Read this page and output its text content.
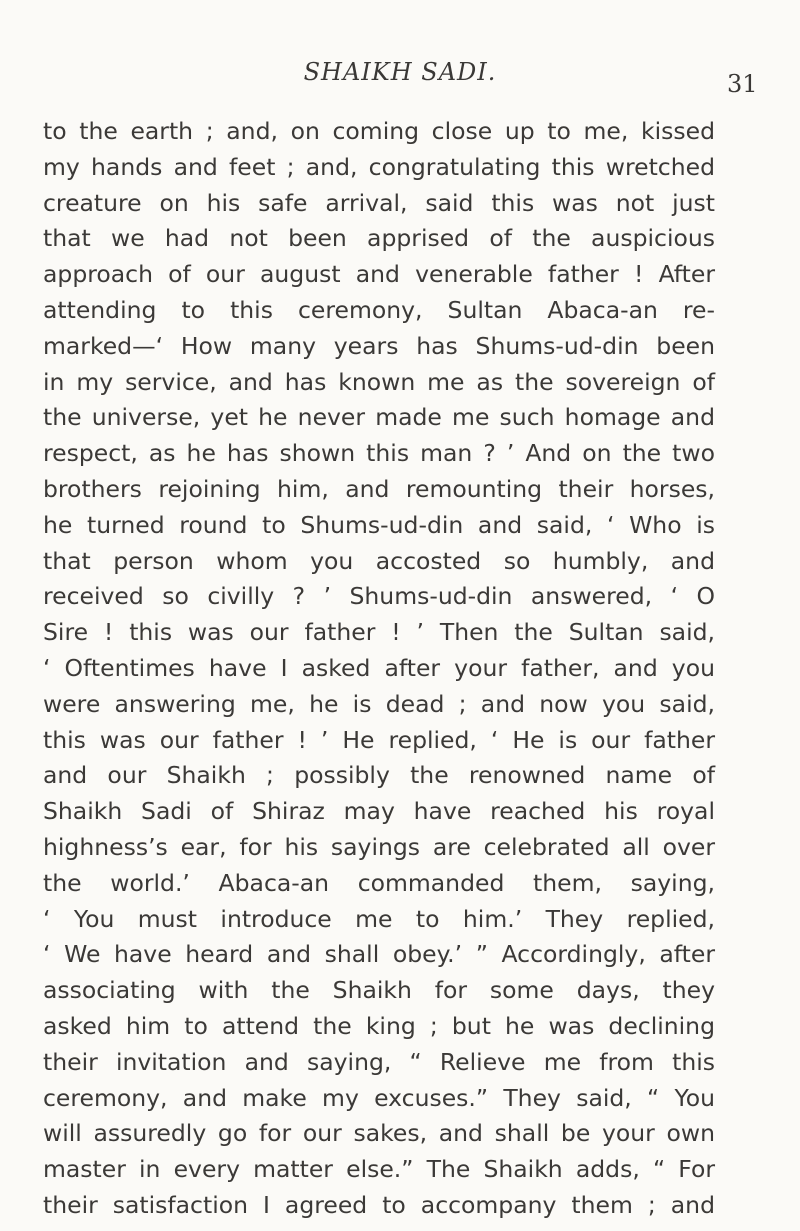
SHAIKH SADI.	31
to the earth ; and, on coming close up to me, kissed
my hands and feet ; and, congratulating this wretched
creature on his safe arrival, said this was not just
that we had not been apprised of the auspicious
approach of our august and venerable father ! After
attending to this ceremony, Sultan Abaca-an re-
marked—‘ How many years has Shums-ud-din been
in my service, and has known me as the sovereign of
the universe, yet he never made me such homage and
respect, as he has shown this man ? ’ And on the two
brothers rejoining him, and remounting their horses,
he turned round to Shums-ud-din and said, ‘ Who is
that person whom you accosted so humbly, and
received so civilly ? ’ Shums-ud-din answered, ‘ O
Sire ! this was our father ! ’ Then the Sultan said,
‘ Oftentimes have I asked after your father, and you
were answering me, he is dead ; and now you said,
this was our father ! ’ He replied, ‘ He is our father
and our Shaikh ; possibly the renowned name of
Shaikh Sadi of Shiraz may have reached his royal
highness’s ear, for his sayings are celebrated all over
the world.’ Abaca-an commanded them, saying,
‘ You must introduce me to him.’ They replied,
‘ We have heard and shall obey.’ ” Accordingly, after
associating with the Shaikh for some days, they
asked him to attend the king ; but he was declining
their invitation and saying, “ Relieve me from this
ceremony, and make my excuses.” They said, “ You
will assuredly go for our sakes, and shall be your own
master in every matter else.” The Shaikh adds, “ For
their satisfaction I agreed to accompany them ; and
